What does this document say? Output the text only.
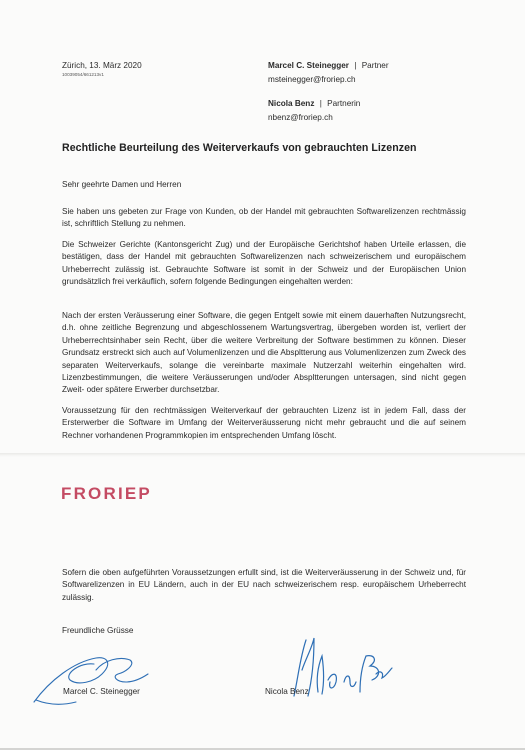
Zürich, 13. März 2020
10039054/661213v1
Marcel C. Steinegger | Partner
msteinegger@froriep.ch
Nicola Benz | Partnerin
nbenz@froriep.ch
Rechtliche Beurteilung des Weiterverkaufs von gebrauchten Lizenzen
Sehr geehrte Damen und Herren
Sie haben uns gebeten zur Frage von Kunden, ob der Handel mit gebrauchten Softwarelizenzen rechtmässig ist, schriftlich Stellung zu nehmen.
Die Schweizer Gerichte (Kantonsgericht Zug) und der Europäische Gerichtshof haben Urteile erlassen, die bestätigen, dass der Handel mit gebrauchten Softwarelizenzen nach schweizerischem und europäischem Urheberrecht zulässig ist. Gebrauchte Software ist somit in der Schweiz und der Europäischen Union grundsätzlich frei verkäuflich, sofern folgende Bedingungen eingehalten werden:
Nach der ersten Veräusserung einer Software, die gegen Entgelt sowie mit einem dauerhaften Nutzungsrecht, d.h. ohne zeitliche Begrenzung und abgeschlossenem Wartungsvertrag, übergeben worden ist, verliert der Urheberrechtsinhaber sein Recht, über die weitere Verbreitung der Software bestimmen zu können. Dieser Grundsatz erstreckt sich auch auf Volumenlizenzen und die Abspltterung aus Volumenlizenzen zum Zweck des separaten Weiterverkaufs, solange die vereinbarte maximale Nutzerzahl weiterhin eingehalten wird. Lizenzbestimmungen, die weitere Veräusserungen und/oder Abspltterungen untersagen, sind nicht gegen Zweit- oder spätere Erwerber durchsetzbar.
Voraussetzung für den rechtmässigen Weiterverkauf der gebrauchten Lizenz ist in jedem Fall, dass der Ersterwerber die Software im Umfang der Weiterveräusserung nicht mehr gebraucht und die auf seinem Rechner vorhandenen Programmkopien im entsprechenden Umfang löscht.
FRORIEP
Sofern die oben aufgeführten Voraussetzungen erfullt sind, ist die Weiterveräusserung in der Schweiz und, für Softwarelizenzen in EU Ländern, auch in der EU nach schweizerischem resp. europäischem Urheberrecht zulässig.
Freundliche Grüsse
Marcel C. Steinegger	Nicola Benz
